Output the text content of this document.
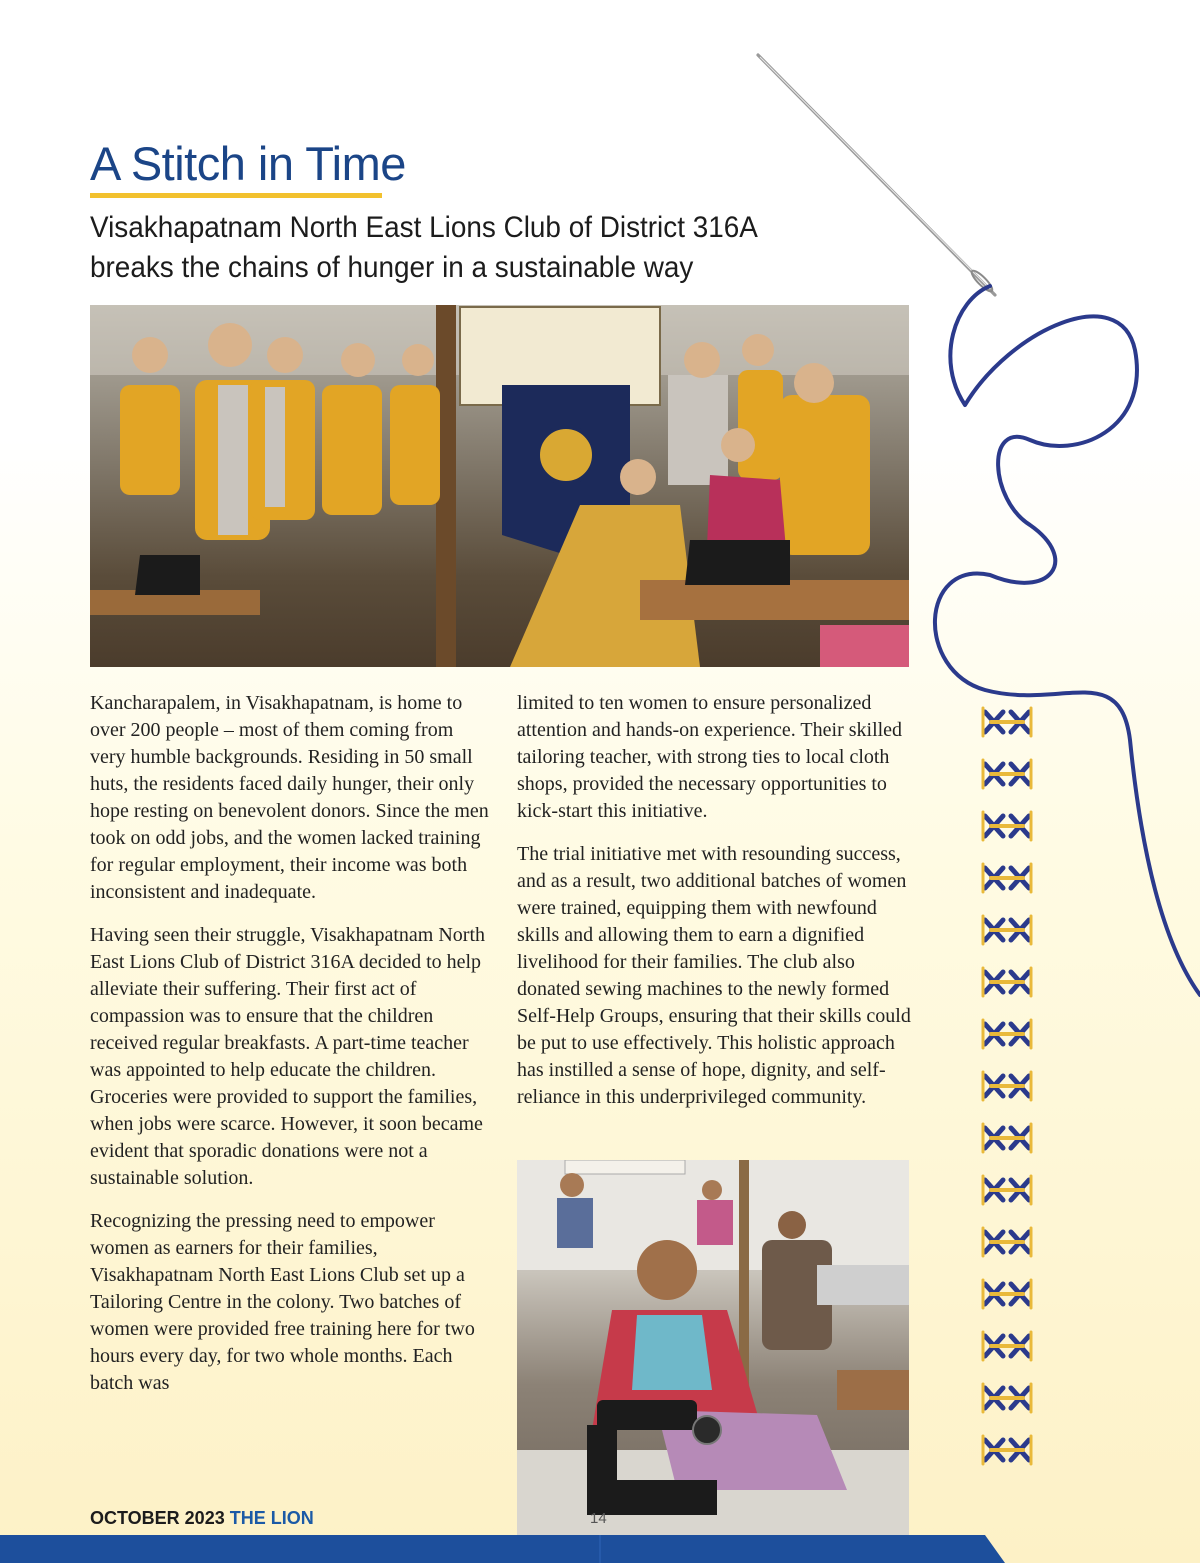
A Stitch in Time
Visakhapatnam North East Lions Club of District 316A breaks the chains of hunger in a sustainable way

Kancharapalem, in Visakhapatnam, is home to over 200 people – most of them coming from very humble backgrounds. Residing in 50 small huts, the residents faced daily hunger, their only hope resting on benevolent donors. Since the men took on odd jobs, and the women lacked training for regular employment, their income was both inconsistent and inadequate.

Having seen their struggle, Visakhapatnam North East Lions Club of District 316A decided to help alleviate their suffering. Their first act of compassion was to ensure that the children received regular breakfasts. A part-time teacher was appointed to help educate the children. Groceries were provided to support the families, when jobs were scarce. However, it soon became evident that sporadic donations were not a sustainable solution.

Recognizing the pressing need to empower women as earners for their families, Visakhapatnam North East Lions Club set up a Tailoring Centre in the colony. Two batches of women were provided free training here for two hours every day, for two whole months. Each batch was

limited to ten women to ensure personalized attention and hands-on experience. Their skilled tailoring teacher, with strong ties to local cloth shops, provided the necessary opportunities to kick-start this initiative.

The trial initiative met with resounding success, and as a result, two additional batches of women were trained, equipping them with newfound skills and allowing them to earn a dignified livelihood for their families. The club also donated sewing machines to the newly formed Self-Help Groups, ensuring that their skills could be put to use effectively. This holistic approach has instilled a sense of hope, dignity, and self-reliance in this underprivileged community.

OCTOBER 2023 THE LION	14
